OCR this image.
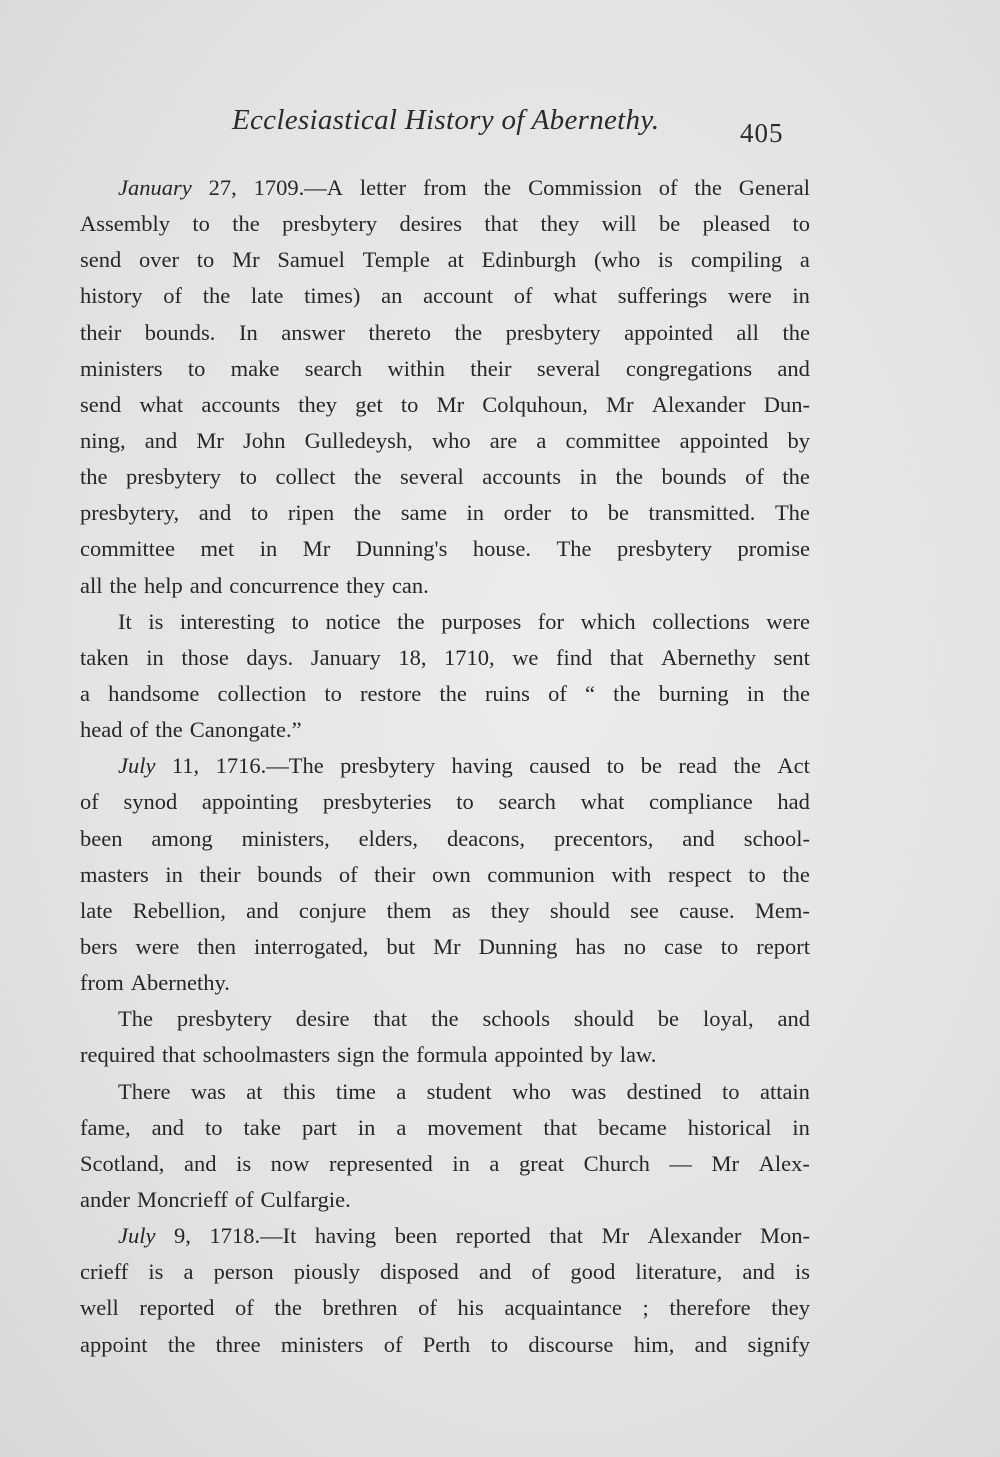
Ecclesiastical History of Abernethy.	405
January 27, 1709.—A letter from the Commission of the General
Assembly to the presbytery desires that they will be pleased to
send over to Mr Samuel Temple at Edinburgh (who is compiling a
history of the late times) an account of what sufferings were in
their bounds. In answer thereto the presbytery appointed all the
ministers to make search within their several congregations and
send what accounts they get to Mr Colquhoun, Mr Alexander Dun-
ning, and Mr John Gulledeysh, who are a committee appointed by
the presbytery to collect the several accounts in the bounds of the
presbytery, and to ripen the same in order to be transmitted. The
committee met in Mr Dunning's house. The presbytery promise
all the help and concurrence they can.
It is interesting to notice the purposes for which collections were
taken in those days. January 18, 1710, we find that Abernethy sent
a handsome collection to restore the ruins of “ the burning in the
head of the Canongate.”
July 11, 1716.—The presbytery having caused to be read the Act
of synod appointing presbyteries to search what compliance had
been among ministers, elders, deacons, precentors, and school-
masters in their bounds of their own communion with respect to the
late Rebellion, and conjure them as they should see cause. Mem-
bers were then interrogated, but Mr Dunning has no case to report
from Abernethy.
The presbytery desire that the schools should be loyal, and
required that schoolmasters sign the formula appointed by law.
There was at this time a student who was destined to attain
fame, and to take part in a movement that became historical in
Scotland, and is now represented in a great Church — Mr Alex-
ander Moncrieff of Culfargie.
July 9, 1718.—It having been reported that Mr Alexander Mon-
crieff is a person piously disposed and of good literature, and is
well reported of the brethren of his acquaintance ; therefore they
appoint the three ministers of Perth to discourse him, and signify
